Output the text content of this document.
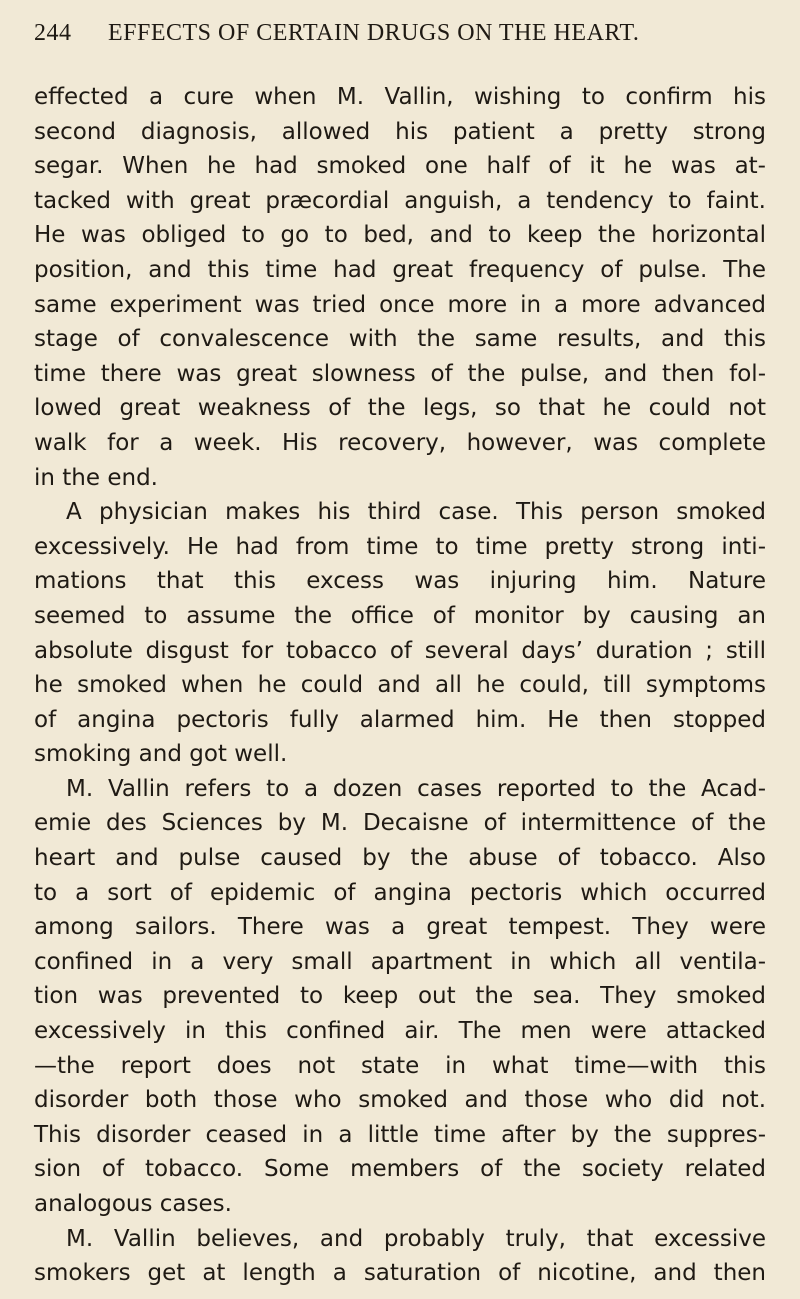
244	EFFECTS OF CERTAIN DRUGS ON THE HEART.

effected a cure when M. Vallin, wishing to confirm his

second diagnosis, allowed his patient a pretty strong

segar. When he had smoked one half of it he was at-

tacked with great præcordial anguish, a tendency to faint.

He was obliged to go to bed, and to keep the horizontal

position, and this time had great frequency of pulse. The

same experiment was tried once more in a more advanced

stage of convalescence with the same results, and this

time there was great slowness of the pulse, and then fol-

lowed great weakness of the legs, so that he could not

walk for a week. His recovery, however, was complete

in the end.

A physician makes his third case. This person smoked

excessively. He had from time to time pretty strong inti-

mations that this excess was injuring him. Nature

seemed to assume the office of monitor by causing an

absolute disgust for tobacco of several days’ duration ; still

he smoked when he could and all he could, till symptoms

of angina pectoris fully alarmed him. He then stopped

smoking and got well.

M. Vallin refers to a dozen cases reported to the Acad-

emie des Sciences by M. Decaisne of intermittence of the

heart and pulse caused by the abuse of tobacco. Also

to a sort of epidemic of angina pectoris which occurred

among sailors. There was a great tempest. They were

confined in a very small apartment in which all ventila-

tion was prevented to keep out the sea. They smoked

excessively in this confined air. The men were attacked

—the report does not state in what time—with this

disorder both those who smoked and those who did not.

This disorder ceased in a little time after by the suppres-

sion of tobacco. Some members of the society related

analogous cases.

M. Vallin believes, and probably truly, that excessive

smokers get at length a saturation of nicotine, and then
